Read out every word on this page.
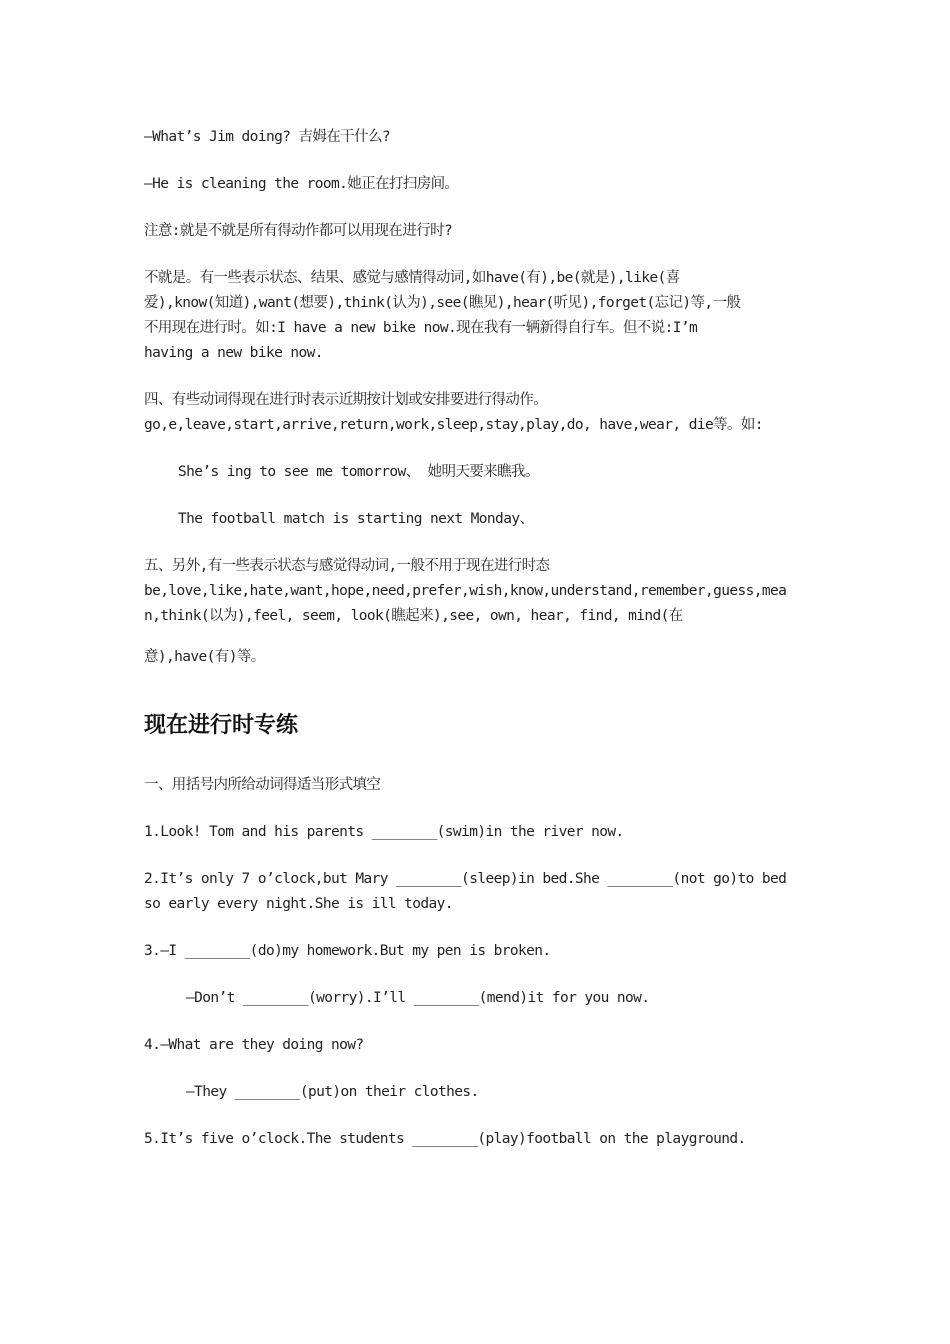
—What’s Jim doing? 吉姆在干什么?
—He is cleaning the room.她正在打扫房间。
注意:就是不就是所有得动作都可以用现在进行时?
不就是。有一些表示状态、结果、感觉与感情得动词,如have(有),be(就是),like(喜
爱),know(知道),want(想要),think(认为),see(瞧见),hear(听见),forget(忘记)等,一般
不用现在进行时。如:I have a new bike now.现在我有一辆新得自行车。但不说:I’m
having a new bike now.
四、有些动词得现在进行时表示近期按计划或安排要进行得动作。
go,e,leave,start,arrive,return,work,sleep,stay,play,do, have,wear, die等。如:
She’s ing to see me tomorrow、 她明天要来瞧我。
The football match is starting next Monday、
五、另外,有一些表示状态与感觉得动词,一般不用于现在进行时态
be,love,like,hate,want,hope,need,prefer,wish,know,understand,remember,guess,mea
n,think(以为),feel, seem, look(瞧起来),see, own, hear, find, mind(在
意),have(有)等。
现在进行时专练
一、用括号内所给动词得适当形式填空
1.Look! Tom and his parents ________(swim)in the river now.
2.It’s only 7 o’clock,but Mary ________(sleep)in bed.She ________(not go)to bed
so early every night.She is ill today.
3.—I ________(do)my homework.But my pen is broken.
—Don’t ________(worry).I’ll ________(mend)it for you now.
4.—What are they doing now?
—They ________(put)on their clothes.
5.It’s five o’clock.The students ________(play)football on the playground.
